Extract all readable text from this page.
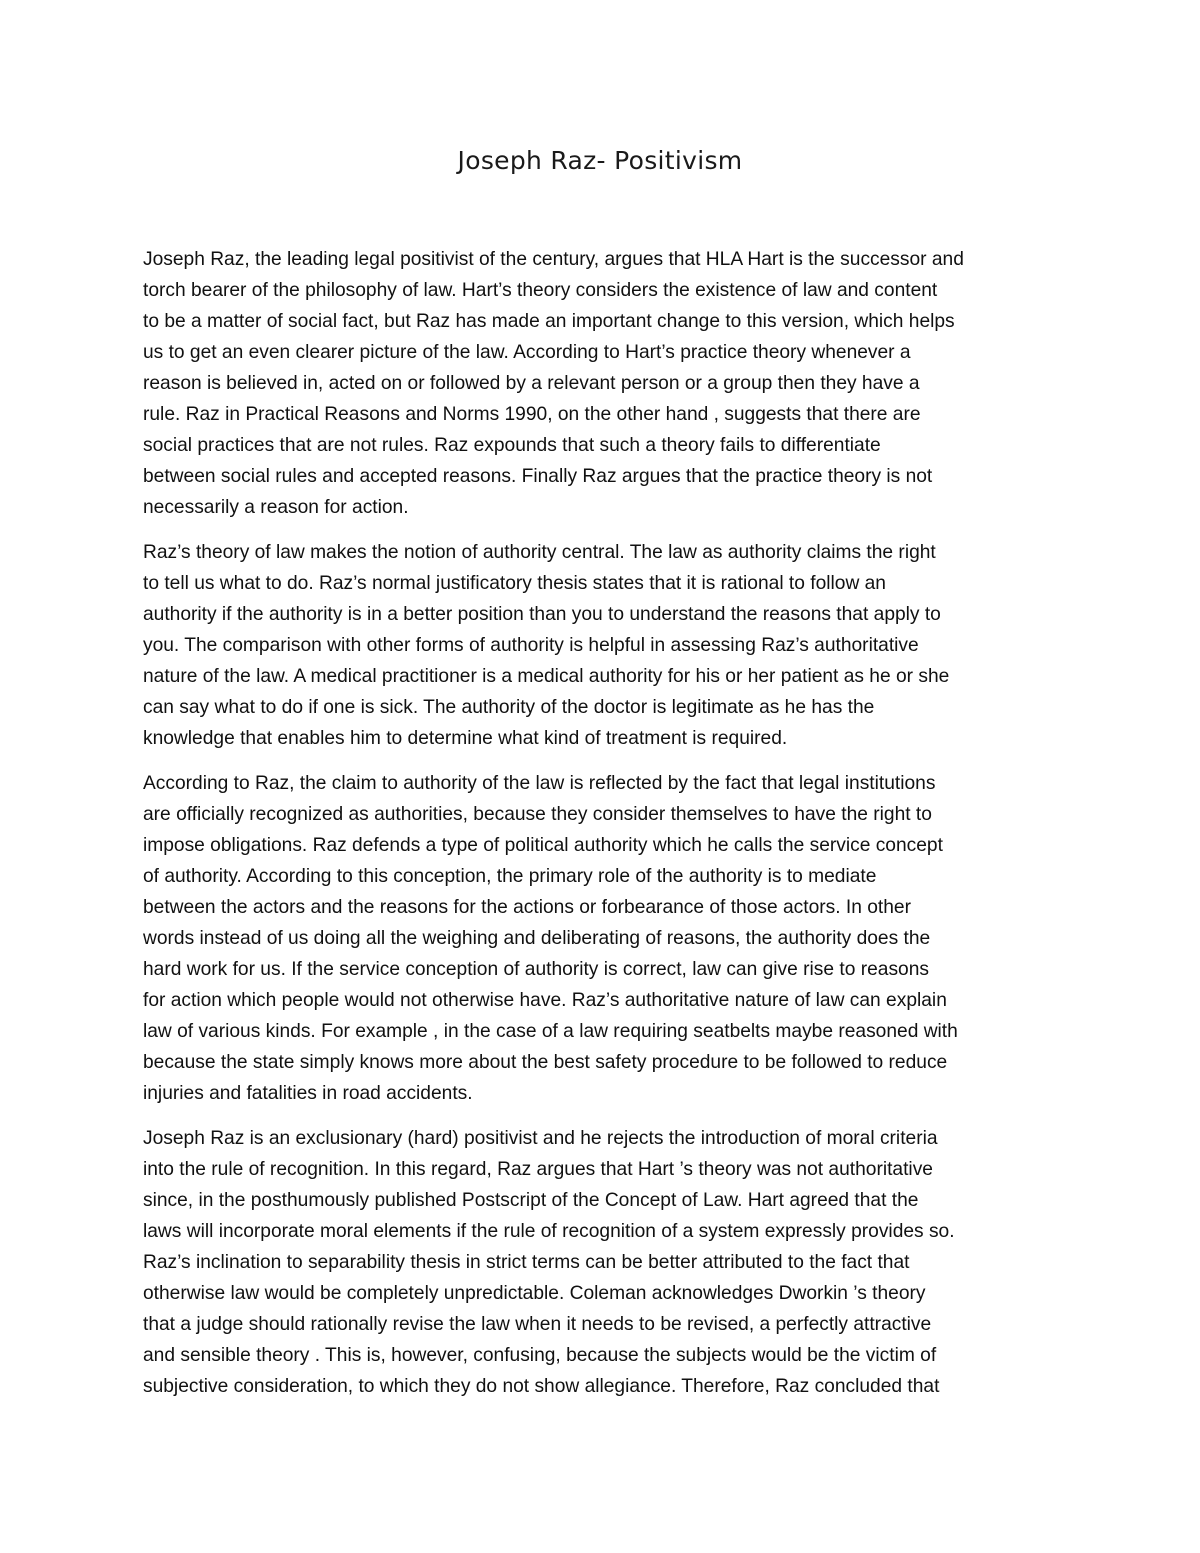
Joseph Raz- Positivism

Joseph Raz, the leading legal positivist of the century, argues that HLA Hart is the successor and
torch bearer of the philosophy of law. Hart’s theory considers the existence of law and content
to be a matter of social fact, but Raz has made an important change to this version, which helps
us to get an even clearer picture of the law. According to Hart’s practice theory whenever a
reason is believed in, acted on or followed by a relevant person or a group then they have a
rule. Raz in Practical Reasons and Norms 1990, on the other hand , suggests that there are
social practices that are not rules. Raz expounds that such a theory fails to differentiate
between social rules and accepted reasons. Finally Raz argues that the practice theory is not
necessarily a reason for action.

Raz’s theory of law makes the notion of authority central. The law as authority claims the right
to tell us what to do. Raz’s normal justificatory thesis states that it is rational to follow an
authority if the authority is in a better position than you to understand the reasons that apply to
you. The comparison with other forms of authority is helpful in assessing Raz’s authoritative
nature of the law. A medical practitioner is a medical authority for his or her patient as he or she
can say what to do if one is sick. The authority of the doctor is legitimate as he has the
knowledge that enables him to determine what kind of treatment is required.

According to Raz, the claim to authority of the law is reflected by the fact that legal institutions
are officially recognized as authorities, because they consider themselves to have the right to
impose obligations. Raz defends a type of political authority which he calls the service concept
of authority. According to this conception, the primary role of the authority is to mediate
between the actors and the reasons for the actions or forbearance of those actors. In other
words instead of us doing all the weighing and deliberating of reasons, the authority does the
hard work for us. If the service conception of authority is correct, law can give rise to reasons
for action which people would not otherwise have. Raz’s authoritative nature of law can explain
law of various kinds. For example , in the case of a law requiring seatbelts maybe reasoned with
because the state simply knows more about the best safety procedure to be followed to reduce
injuries and fatalities in road accidents.

Joseph Raz is an exclusionary (hard) positivist and he rejects the introduction of moral criteria
into the rule of recognition. In this regard, Raz argues that Hart ’s theory was not authoritative
since, in the posthumously published Postscript of the Concept of Law. Hart agreed that the
laws will incorporate moral elements if the rule of recognition of a system expressly provides so.
Raz’s inclination to separability thesis in strict terms can be better attributed to the fact that
otherwise law would be completely unpredictable. Coleman acknowledges Dworkin ’s theory
that a judge should rationally revise the law when it needs to be revised, a perfectly attractive
and sensible theory . This is, however, confusing, because the subjects would be the victim of
subjective consideration, to which they do not show allegiance. Therefore, Raz concluded that
